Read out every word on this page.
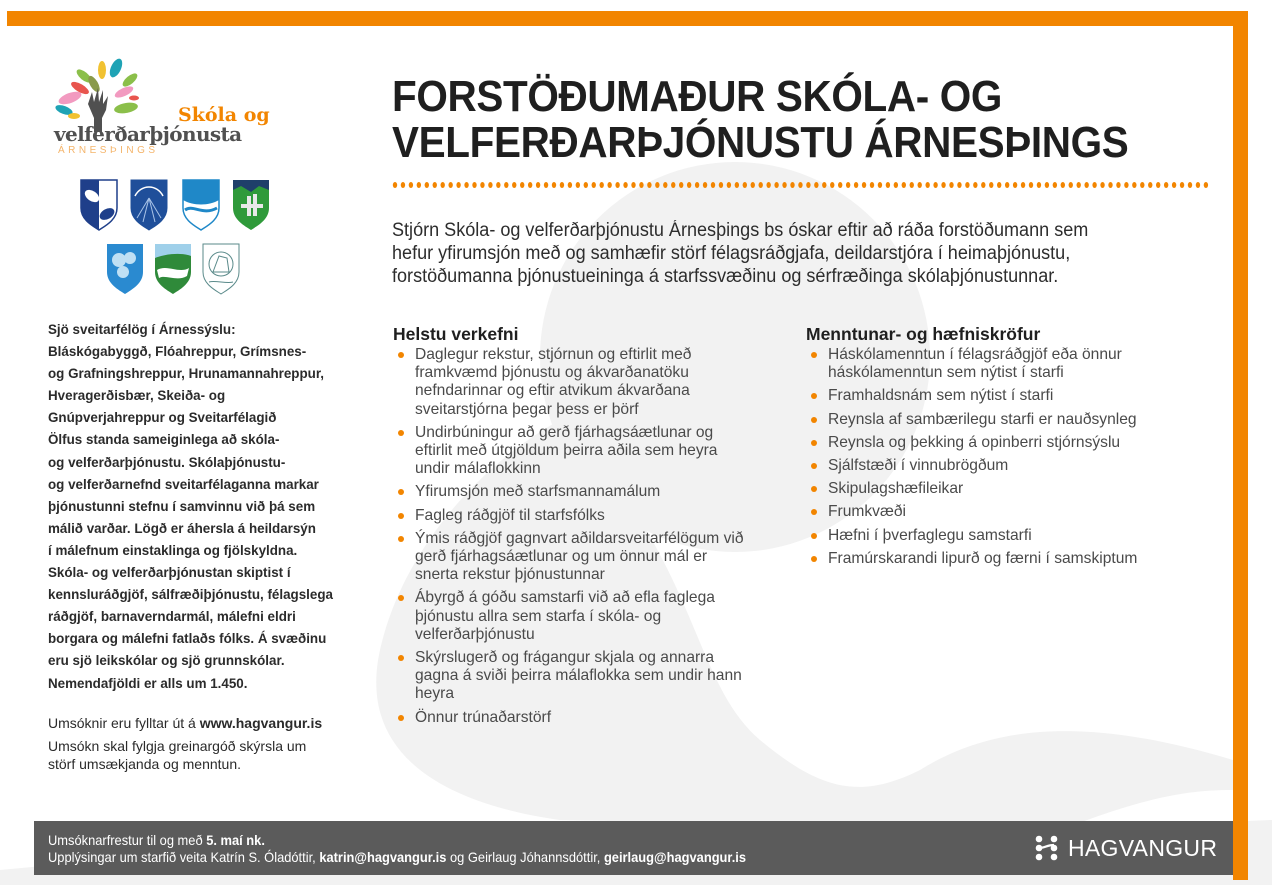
Skóla og
velferðarþjónusta
ÁRNESÞINGS

Sjö sveitarfélög í Árnessýslu:

Bláskógabyggð, Flóahreppur, Grímsnes-

og Grafningshreppur, Hrunamannahreppur,

Hveragerðisbær, Skeiða- og

Gnúpverjahreppur og Sveitarfélagið

Ölfus standa sameiginlega að skóla-

og velferðarþjónustu. Skólaþjónustu-

og velferðarnefnd sveitarfélaganna markar

þjónustunni stefnu í samvinnu við þá sem

málið varðar. Lögð er áhersla á heildarsýn

í málefnum einstaklinga og fjölskyldna.

Skóla- og velferðarþjónustan skiptist í

kennsluráðgjöf, sálfræðiþjónustu, félagslega

ráðgjöf, barnaverndarmál, málefni eldri

borgara og málefni fatlaðs fólks. Á svæðinu

eru sjö leikskólar og sjö grunnskólar.

Nemendafjöldi er alls um 1.450.

Umsóknir eru fylltar út á www.hagvangur.is

Umsókn skal fylgja greinargóð skýrsla um

störf umsækjanda og menntun.

FORSTÖÐUMAÐUR SKÓLA- OG
VELFERÐARÞJÓNUSTU ÁRNESÞINGS
Stjórn Skóla- og velferðarþjónustu Árnesþings bs óskar eftir að ráða forstöðumann sem
hefur yfirumsjón með og samhæfir störf félagsráðgjafa, deildarstjóra í heimaþjónustu,
forstöðumanna þjónustueininga á starfssvæðinu og sérfræðinga skólaþjónustunnar.
Helstu verkefni
Daglegur rekstur, stjórnun og eftirlit með framkvæmd þjónustu og ákvarðanatöku nefndarinnar og eftir atvikum ákvarðana sveitarstjórna þegar þess er þörf
Undirbúningur að gerð fjárhagsáætlunar og eftirlit með útgjöldum þeirra aðila sem heyra undir málaflokkinn
Yfirumsjón með starfsmannamálum
Fagleg ráðgjöf til starfsfólks
Ýmis ráðgjöf gagnvart aðildarsveitarfélögum við gerð fjárhagsáætlunar og um önnur mál er snerta rekstur þjónustunnar
Ábyrgð á góðu samstarfi við að efla faglega þjónustu allra sem starfa í skóla- og velferðarþjónustu
Skýrslugerð og frágangur skjala og annarra gagna á sviði þeirra málaflokka sem undir hann heyra
Önnur trúnaðarstörf
Menntunar- og hæfniskröfur
Háskólamenntun í félagsráðgjöf eða önnur háskólamenntun sem nýtist í starfi
Framhaldsnám sem nýtist í starfi
Reynsla af sambærilegu starfi er nauðsynleg
Reynsla og þekking á opinberri stjórnsýslu
Sjálfstæði í vinnubrögðum
Skipulagshæfileikar
Frumkvæði
Hæfni í þverfaglegu samstarfi
Framúrskarandi lipurð og færni í samskiptum
Umsóknarfrestur til og með 5. maí nk.
Upplýsingar um starfið veita Katrín S. Óladóttir, katrin@hagvangur.is og Geirlaug Jóhannsdóttir, geirlaug@hagvangur.is	HAGVANGUR
